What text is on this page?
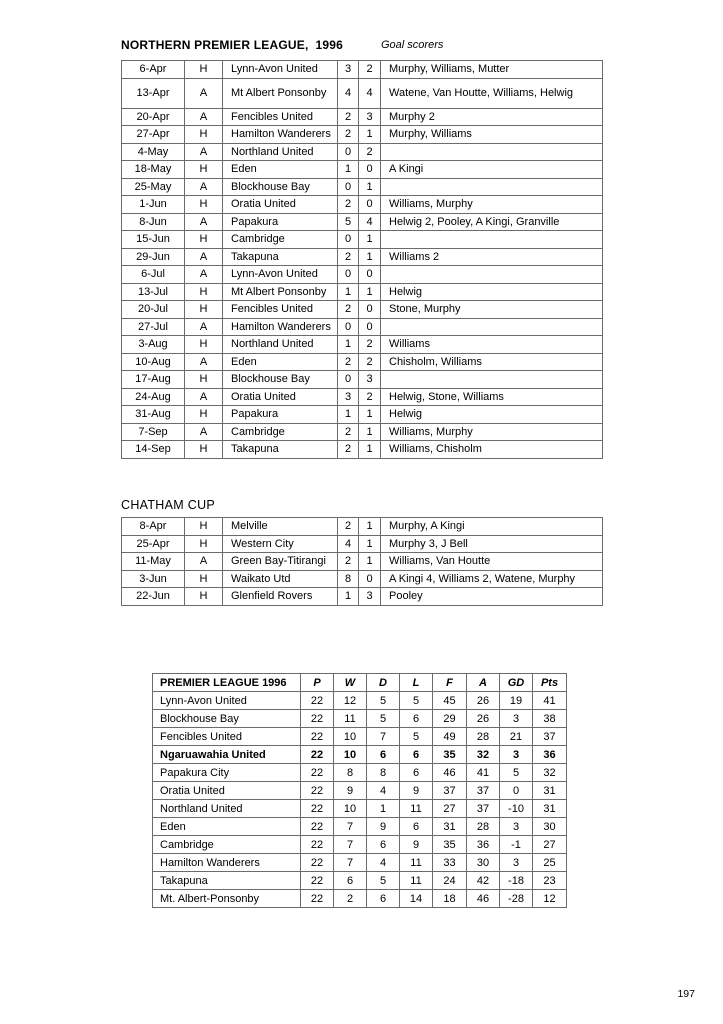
NORTHERN PREMIER LEAGUE,  1996	Goal scorers
6-Apr	H	Lynn-Avon United	3	2	Murphy, Williams, Mutter
13-Apr	A	Mt Albert Ponsonby	4	4	Watene, Van Houtte, Williams, Helwig
20-Apr	A	Fencibles United	2	3	Murphy 2
27-Apr	H	Hamilton Wanderers	2	1	Murphy, Williams
4-May	A	Northland United	0	2	
18-May	H	Eden	1	0	A Kingi
25-May	A	Blockhouse Bay	0	1	
1-Jun	H	Oratia United	2	0	Williams, Murphy
8-Jun	A	Papakura	5	4	Helwig 2, Pooley, A Kingi, Granville
15-Jun	H	Cambridge	0	1	
29-Jun	A	Takapuna	2	1	Williams 2
6-Jul	A	Lynn-Avon United	0	0	
13-Jul	H	Mt Albert Ponsonby	1	1	Helwig
20-Jul	H	Fencibles United	2	0	Stone, Murphy
27-Jul	A	Hamilton Wanderers	0	0	
3-Aug	H	Northland United	1	2	Williams
10-Aug	A	Eden	2	2	Chisholm, Williams
17-Aug	H	Blockhouse Bay	0	3	
24-Aug	A	Oratia United	3	2	Helwig, Stone, Williams
31-Aug	H	Papakura	1	1	Helwig
7-Sep	A	Cambridge	2	1	Williams, Murphy
14-Sep	H	Takapuna	2	1	Williams, Chisholm
CHATHAM CUP
8-Apr	H	Melville	2	1	Murphy, A Kingi
25-Apr	H	Western City	4	1	Murphy 3, J Bell
11-May	A	Green Bay-Titirangi	2	1	Williams, Van Houtte
3-Jun	H	Waikato Utd	8	0	A Kingi 4, Williams 2, Watene, Murphy
22-Jun	H	Glenfield Rovers	1	3	Pooley
PREMIER LEAGUE 1996	P	W	D	L	F	A	GD	Pts
Lynn-Avon United	22	12	5	5	45	26	19	41
Blockhouse Bay	22	11	5	6	29	26	3	38
Fencibles United	22	10	7	5	49	28	21	37
Ngaruawahia United	22	10	6	6	35	32	3	36
Papakura City	22	8	8	6	46	41	5	32
Oratia United	22	9	4	9	37	37	0	31
Northland United	22	10	1	11	27	37	-10	31
Eden	22	7	9	6	31	28	3	30
Cambridge	22	7	6	9	35	36	-1	27
Hamilton Wanderers	22	7	4	11	33	30	3	25
Takapuna	22	6	5	11	24	42	-18	23
Mt. Albert-Ponsonby	22	2	6	14	18	46	-28	12
197
